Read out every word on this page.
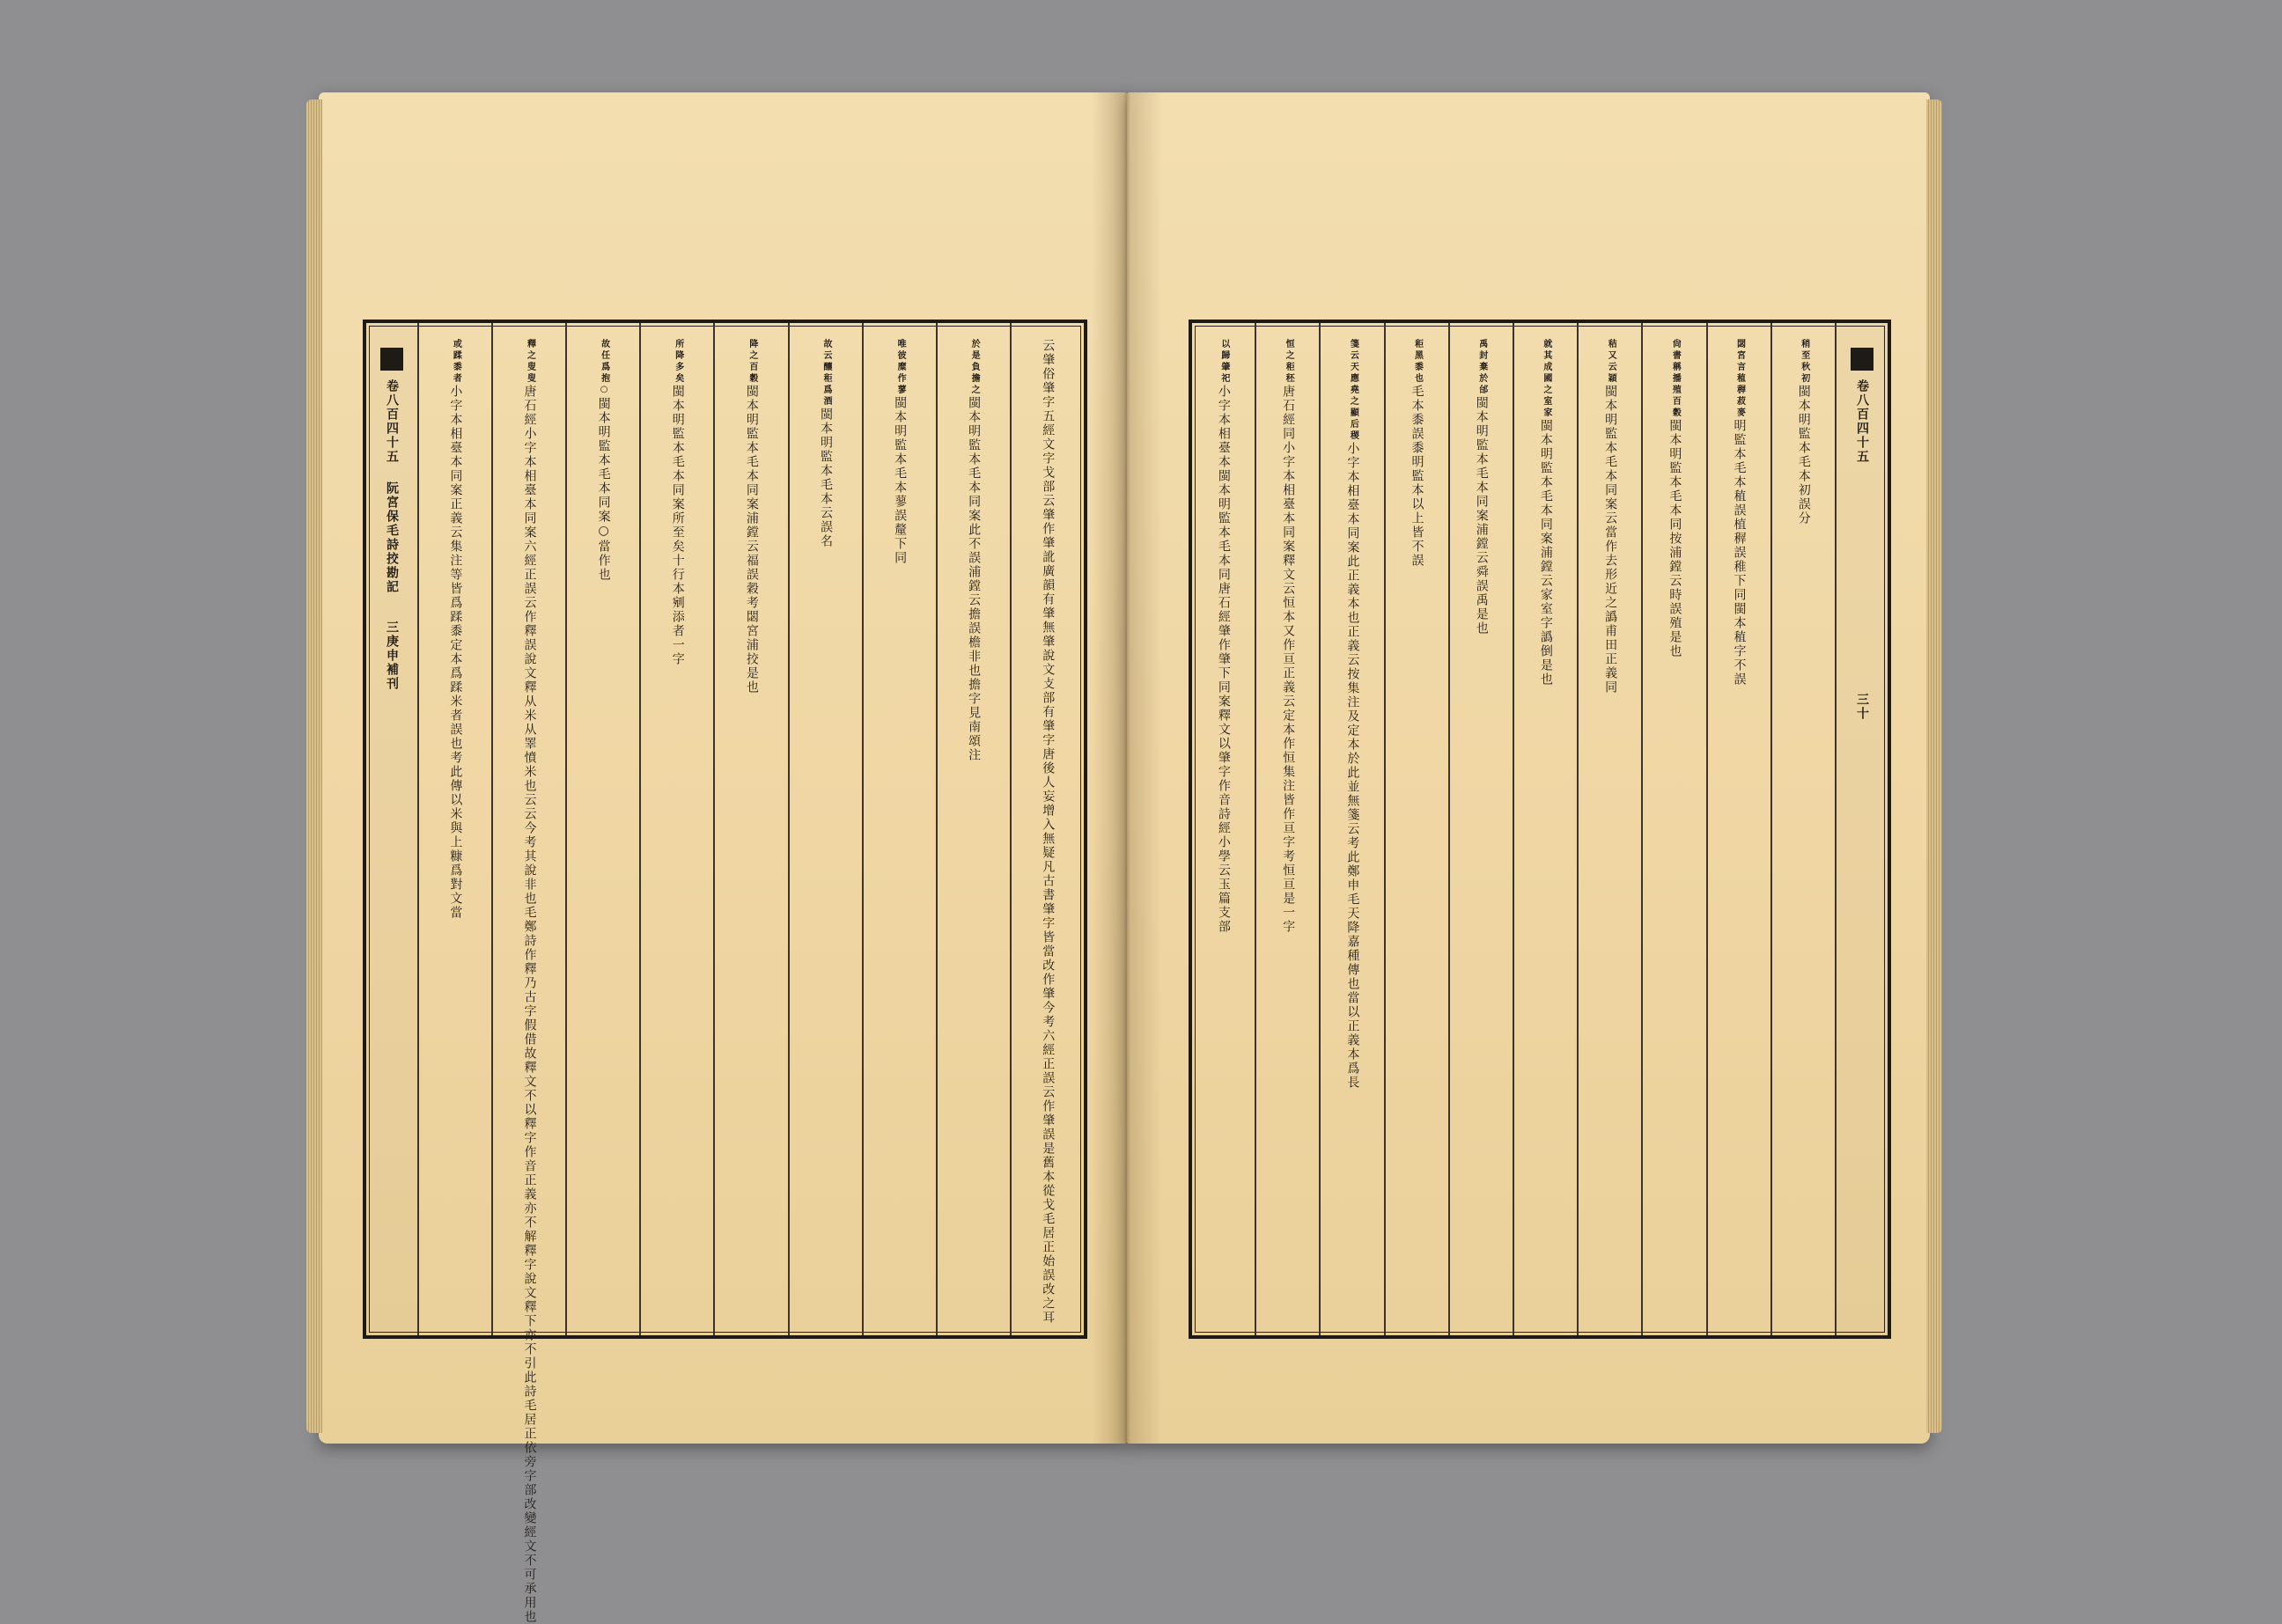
云肇俗肇字五經文字戈部云肇作肇訛廣韻有肇無肇說文攴部有肇字唐後人妄增入無疑凡古書肇字皆當改作肇今考六經正誤云作肇誤是舊本從戈毛居正始誤改之耳
於是負擔之閩本明監本毛本同案此不誤浦鏜云擔誤檐非也擔字見南頌注
唯彼糜作蓼閩本明監本毛本蓼誤釐下同
故云釀秬爲酒閩本明監本毛本云誤名
降之百穀閩本明監本毛本同案浦鏜云福誤穀考閟宮浦挍是也
所降多矣閩本明監本毛本同案所至矣十行本剜添者一字
故任爲抱○閩本明監本毛本同案○當作也
釋之叟叟唐石經小字本相臺本同案六經正誤云作釋誤說文釋从米从睪憤米也云云今考其說非也毛鄭詩作釋乃古字假借故釋文不以釋字作音正義亦不解釋字說文釋下亦不引此詩毛居正依旁字部改變經文不可承用也
或蹂黍者小字本相臺本同案正義云集注等皆爲蹂黍定本爲蹂米者誤也考此傳以米與上糠爲對文當
卷八百四十五阮宮保毛詩挍勘記三庚申補刊
卷八百四十五三十
稍至秋初閩本明監本毛本初誤分
閟宮言稙稺菽麥明監本毛本稙誤植稺誤稚下同閩本稙字不誤
尙書稱播殖百穀閩本明監本毛本同按浦鏜云時誤殖是也
秸又云穎閩本明監本毛本同案云當作去形近之譌甫田正義同
就其成國之室家閩本明監本毛本同案浦鏜云家室字譌倒是也
禹封棄於邰閩本明監本毛本同案浦鏜云舜誤禹是也
秬黑黍也毛本黍誤黍明監本以上皆不誤
箋云天應堯之顯后稷小字本相臺本同案此正義本也正義云按集注及定本於此並無箋云考此鄭申毛天降嘉種傳也當以正義本爲長
恒之秬秠唐石經同小字本相臺本同案釋文云恒本又作亘正義云定本作恒集注皆作亘字考恒亘是一字
以歸肇祀小字本相臺本閩本明監本毛本同唐石經肇作肇下同案釋文以肇字作音詩經小學云玉篇支部
